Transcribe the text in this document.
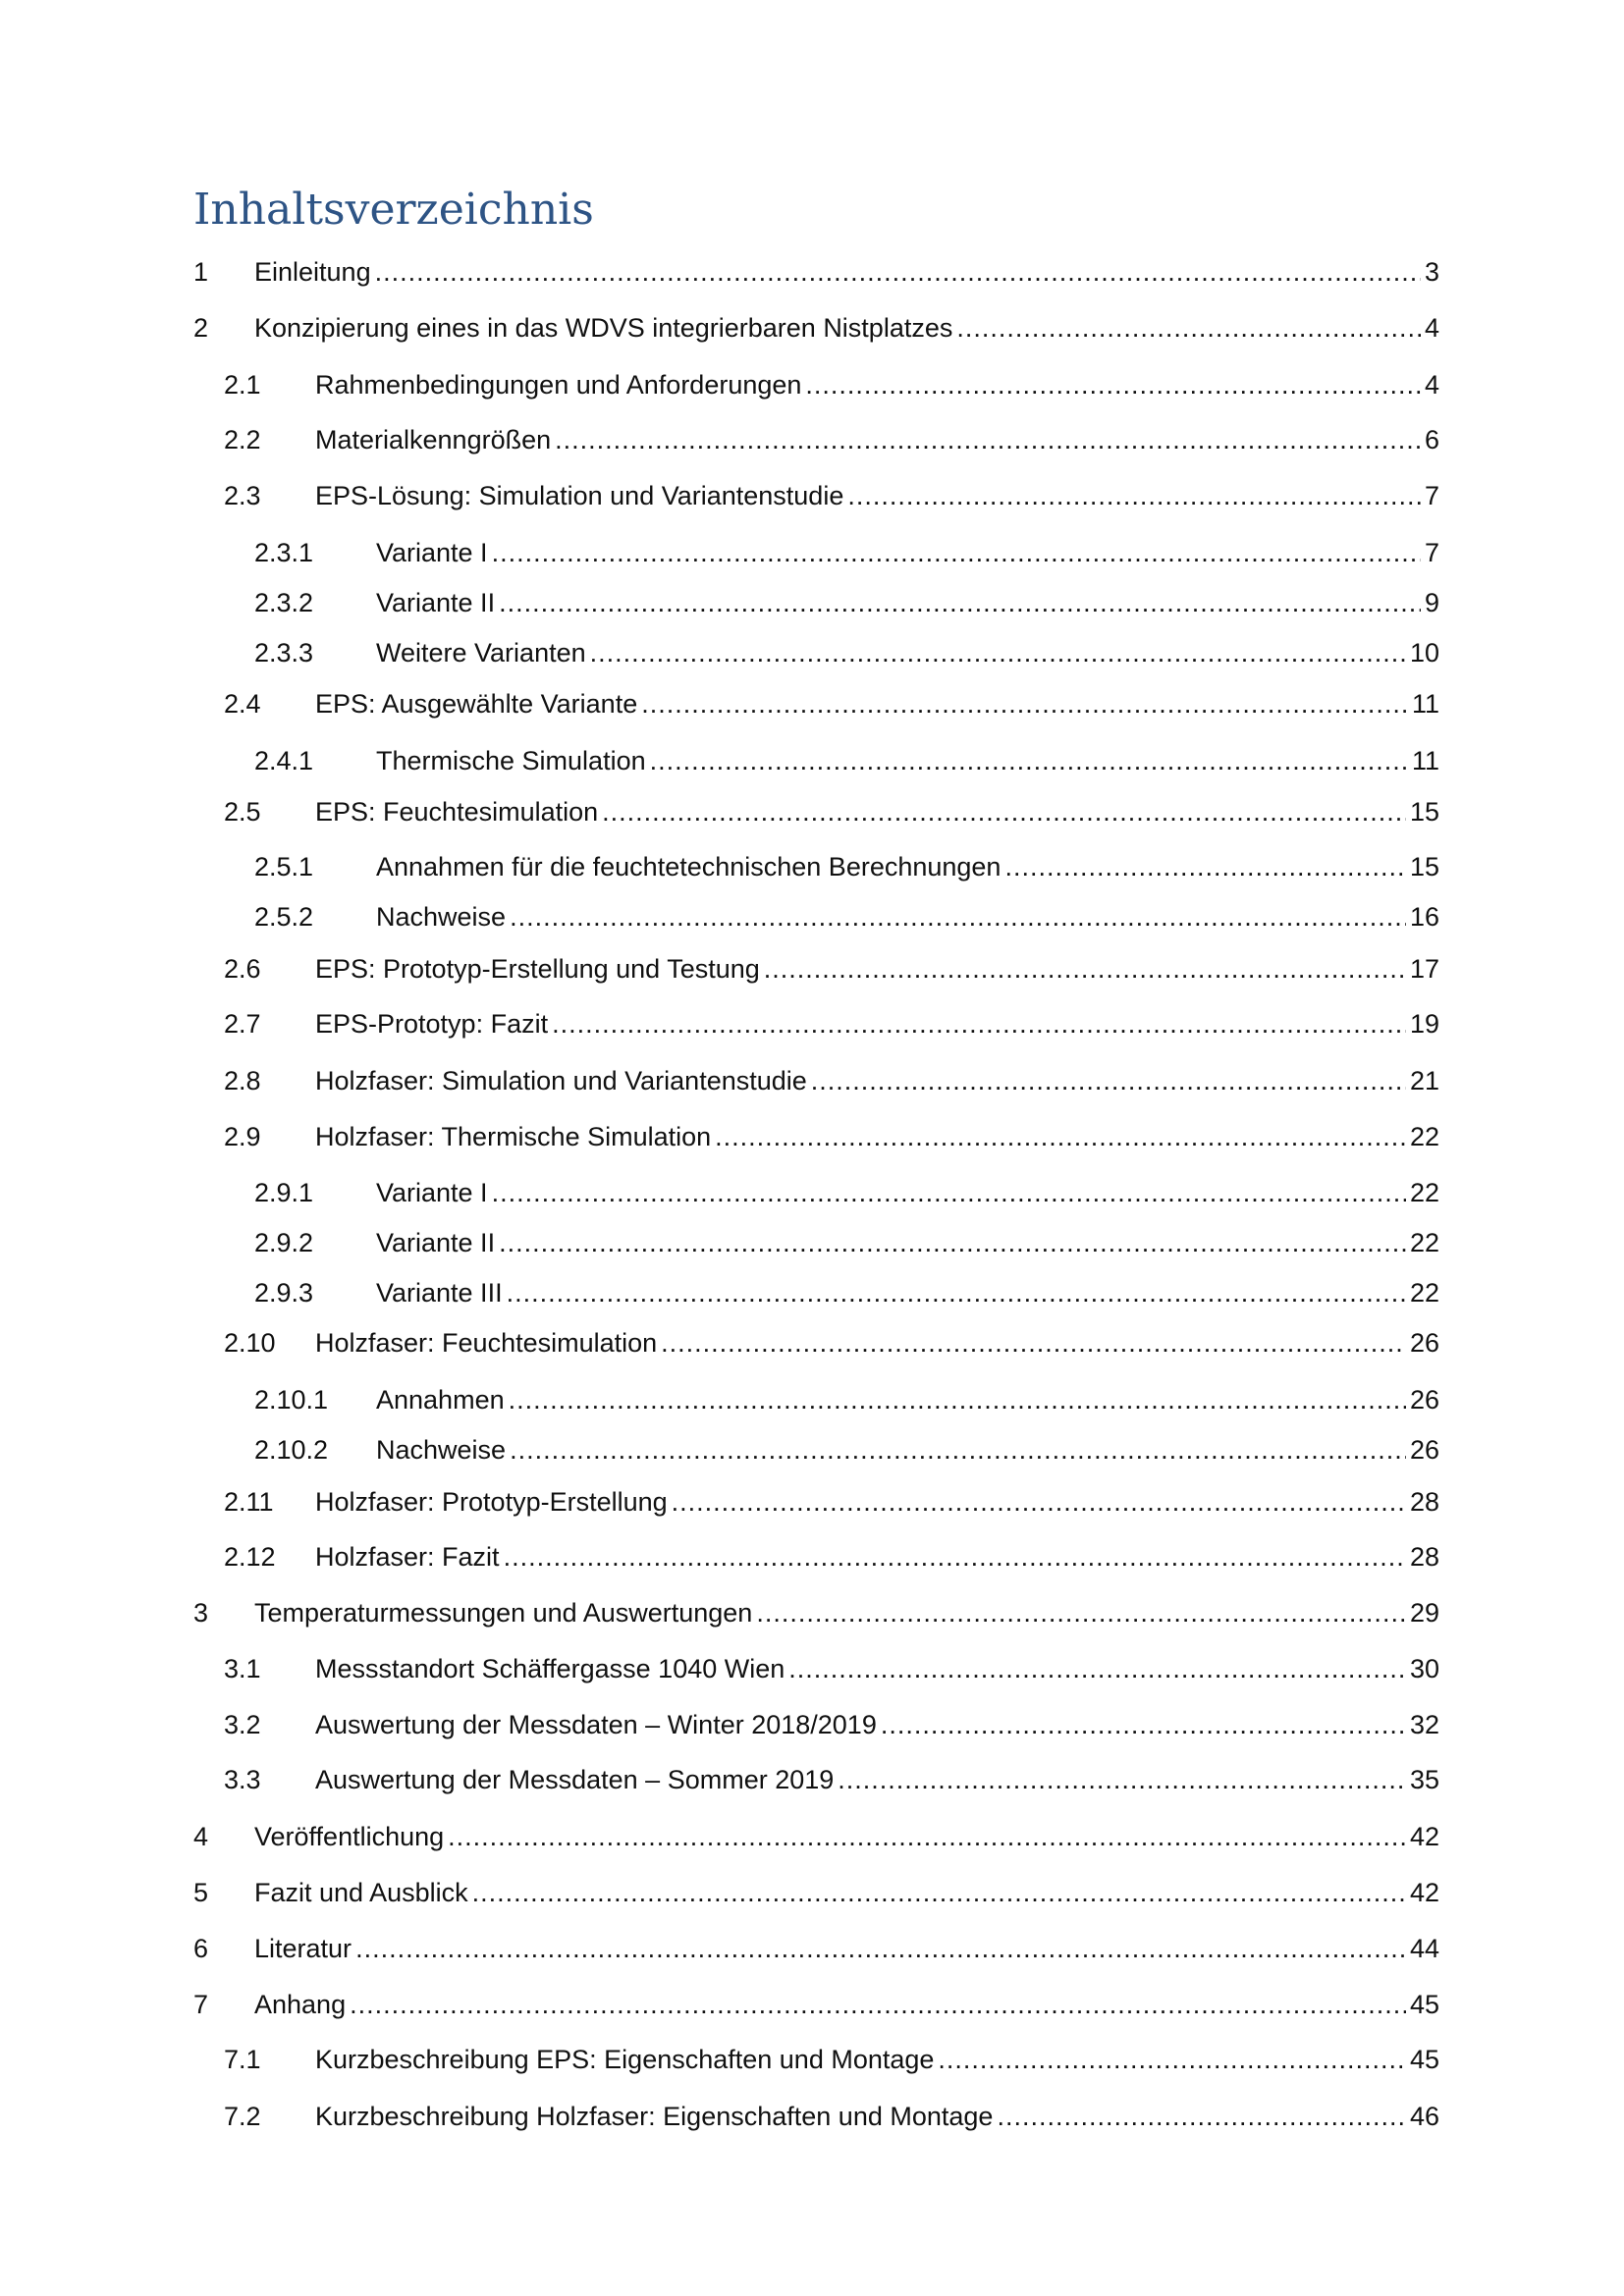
Inhaltsverzeichnis
1	Einleitung .....	3
2	Konzipierung eines in das WDVS integrierbaren Nistplatzes .....	4
2.1	Rahmenbedingungen und Anforderungen .....	4
2.2	Materialkenngrößen .....	6
2.3	EPS-Lösung: Simulation und Variantenstudie .....	7
2.3.1	Variante I .....	7
2.3.2	Variante II .....	9
2.3.3	Weitere Varianten .....	10
2.4	EPS: Ausgewählte Variante .....	11
2.4.1	Thermische Simulation .....	11
2.5	EPS: Feuchtesimulation .....	15
2.5.1	Annahmen für die feuchtetechnischen Berechnungen .....	15
2.5.2	Nachweise .....	16
2.6	EPS: Prototyp-Erstellung und Testung .....	17
2.7	EPS-Prototyp: Fazit .....	19
2.8	Holzfaser: Simulation und Variantenstudie .....	21
2.9	Holzfaser: Thermische Simulation .....	22
2.9.1	Variante I .....	22
2.9.2	Variante II .....	22
2.9.3	Variante III .....	22
2.10	Holzfaser: Feuchtesimulation .....	26
2.10.1	Annahmen .....	26
2.10.2	Nachweise .....	26
2.11	Holzfaser: Prototyp-Erstellung .....	28
2.12	Holzfaser: Fazit .....	28
3	Temperaturmessungen und Auswertungen .....	29
3.1	Messstandort Schäffergasse 1040 Wien .....	30
3.2	Auswertung der Messdaten – Winter 2018/2019 .....	32
3.3	Auswertung der Messdaten – Sommer 2019 .....	35
4	Veröffentlichung .....	42
5	Fazit und Ausblick .....	42
6	Literatur .....	44
7	Anhang .....	45
7.1	Kurzbeschreibung EPS: Eigenschaften und Montage .....	45
7.2	Kurzbeschreibung Holzfaser: Eigenschaften und Montage .....	46
